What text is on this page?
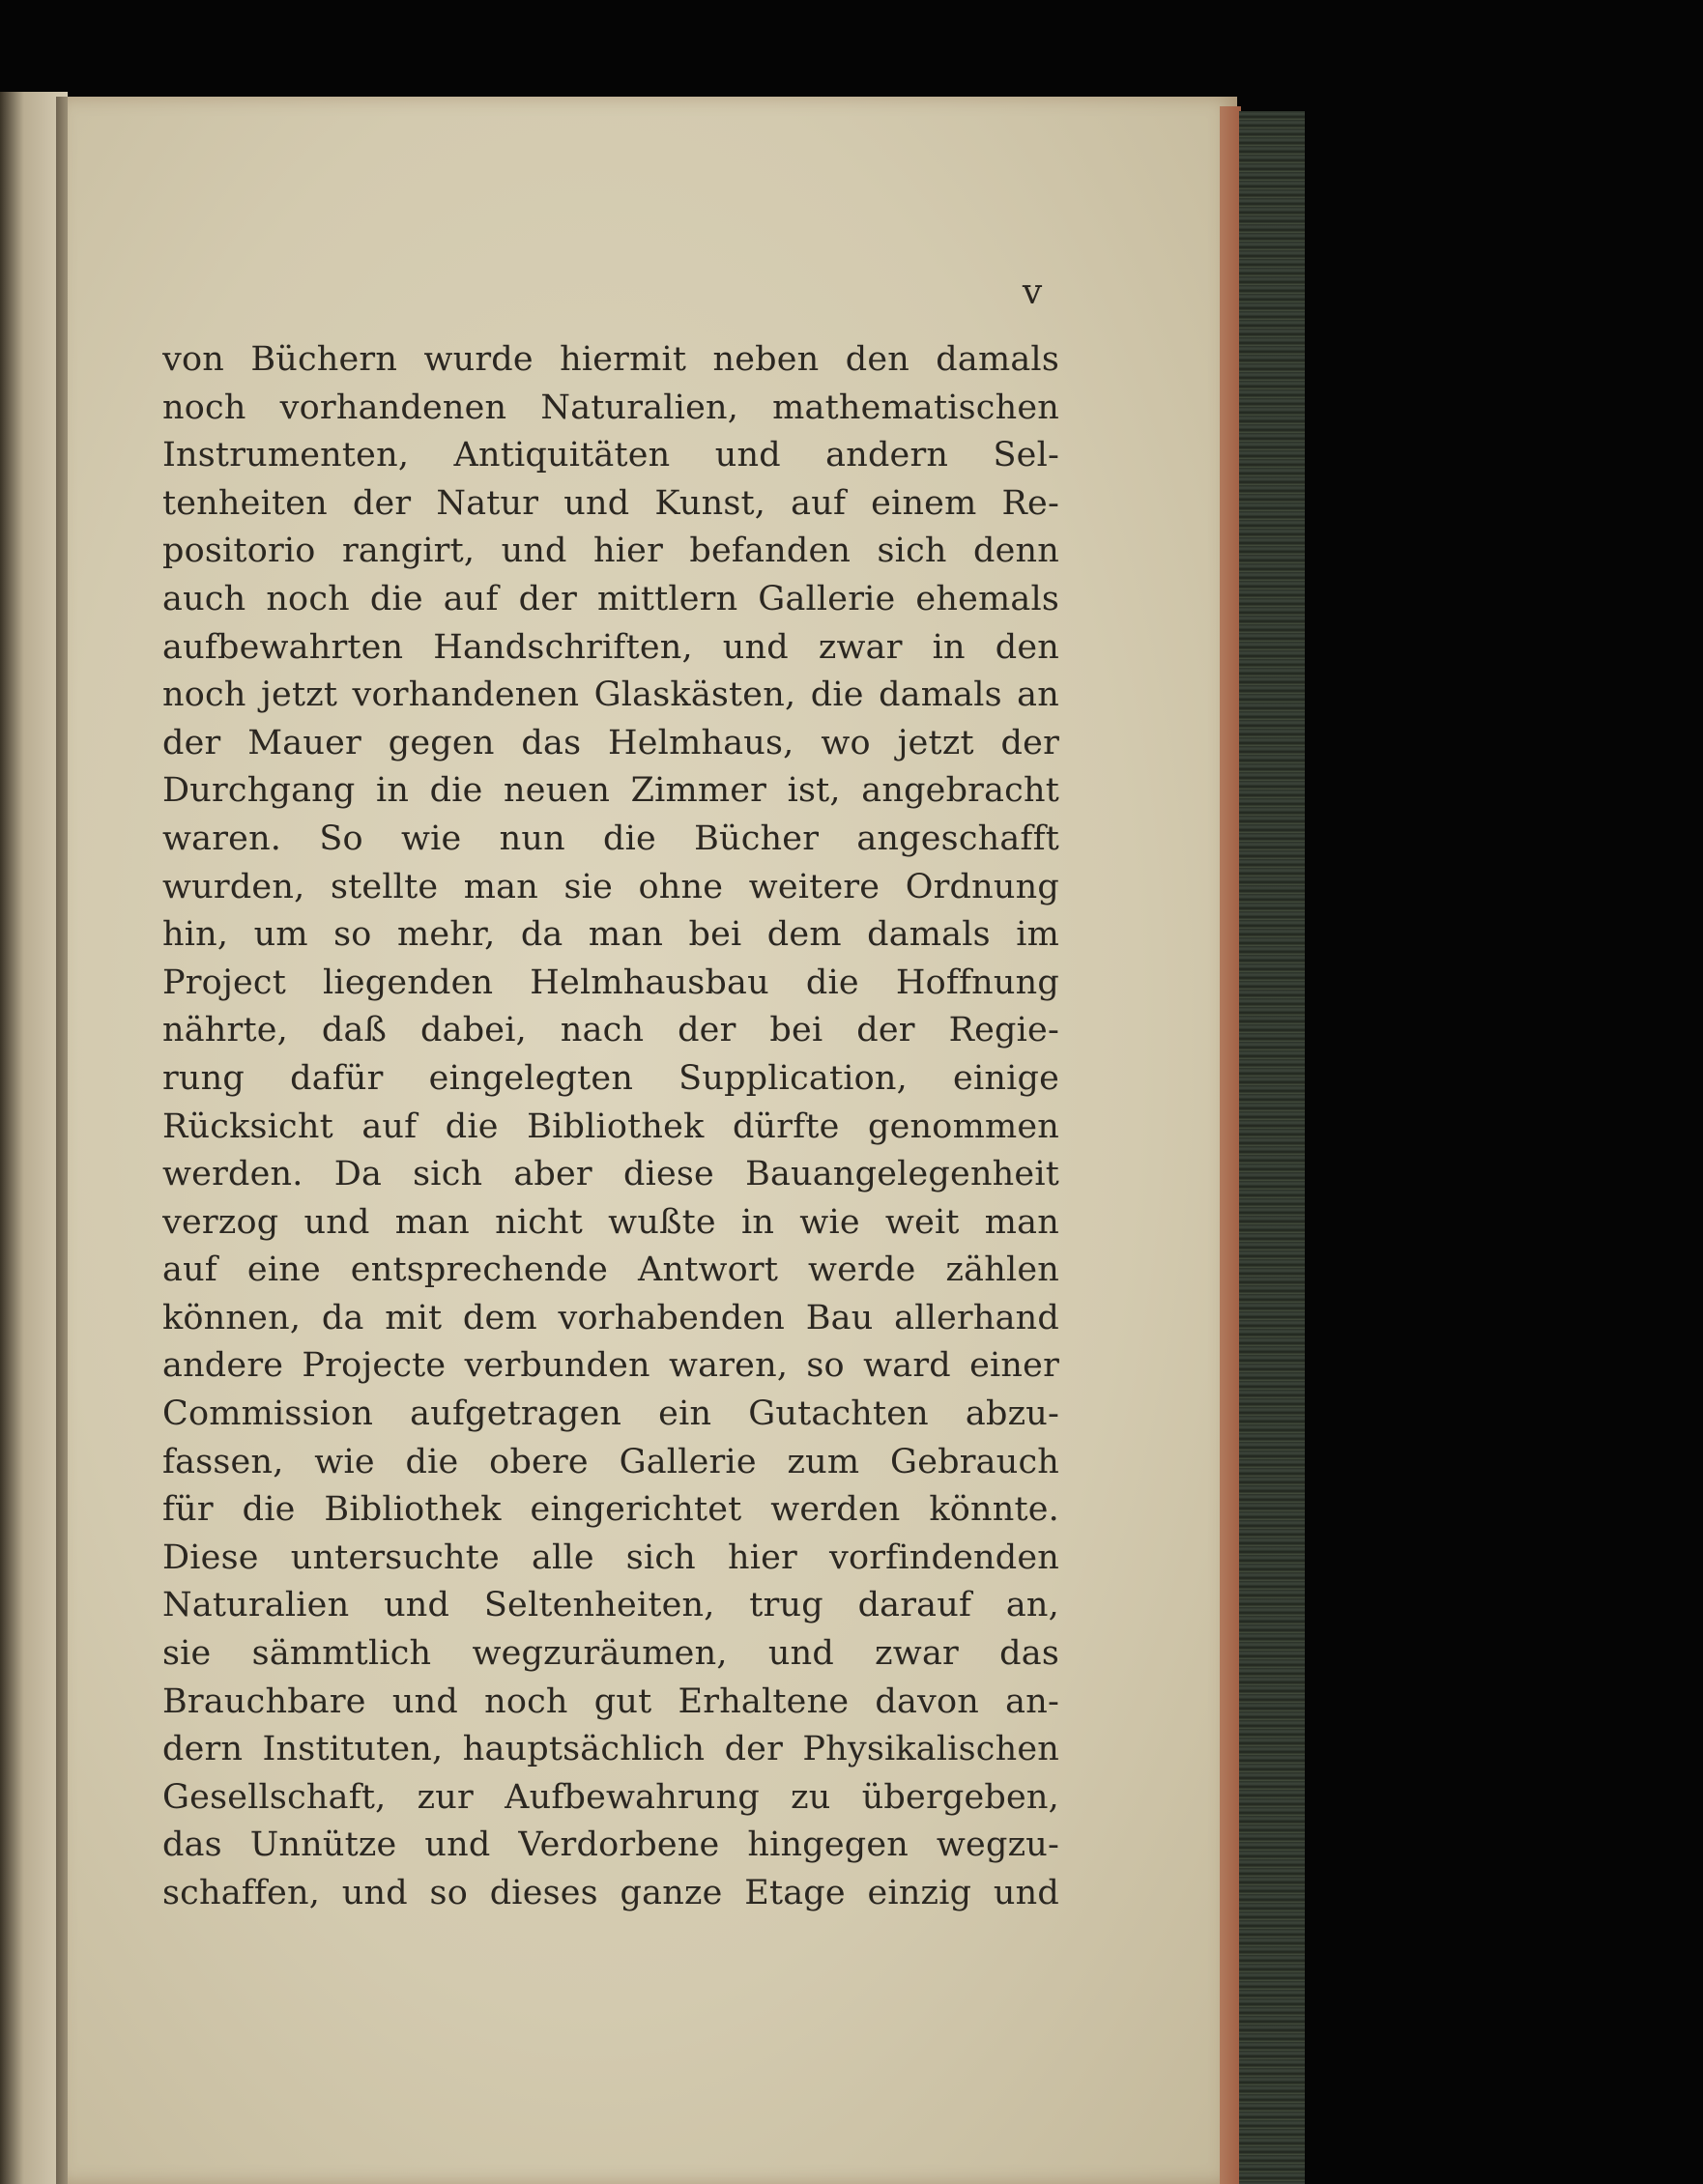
v
von Büchern wurde hiermit neben den damals
noch vorhandenen Naturalien, mathematischen
Instrumenten, Antiquitäten und andern Sel-
tenheiten der Natur und Kunst, auf einem Re-
positorio rangirt, und hier befanden sich denn
auch noch die auf der mittlern Gallerie ehemals
aufbewahrten Handschriften, und zwar in den
noch jetzt vorhandenen Glaskästen, die damals an
der Mauer gegen das Helmhaus, wo jetzt der
Durchgang in die neuen Zimmer ist, angebracht
waren. So wie nun die Bücher angeschafft
wurden, stellte man sie ohne weitere Ordnung
hin, um so mehr, da man bei dem damals im
Project liegenden Helmhausbau die Hoffnung
nährte, daß dabei, nach der bei der Regie-
rung dafür eingelegten Supplication, einige
Rücksicht auf die Bibliothek dürfte genommen
werden. Da sich aber diese Bauangelegenheit
verzog und man nicht wußte in wie weit man
auf eine entsprechende Antwort werde zählen
können, da mit dem vorhabenden Bau allerhand
andere Projecte verbunden waren, so ward einer
Commission aufgetragen ein Gutachten abzu-
fassen, wie die obere Gallerie zum Gebrauch
für die Bibliothek eingerichtet werden könnte.
Diese untersuchte alle sich hier vorfindenden
Naturalien und Seltenheiten, trug darauf an,
sie sämmtlich wegzuräumen, und zwar das
Brauchbare und noch gut Erhaltene davon an-
dern Instituten, hauptsächlich der Physikalischen
Gesellschaft, zur Aufbewahrung zu übergeben,
das Unnütze und Verdorbene hingegen wegzu-
schaffen, und so dieses ganze Etage einzig und
